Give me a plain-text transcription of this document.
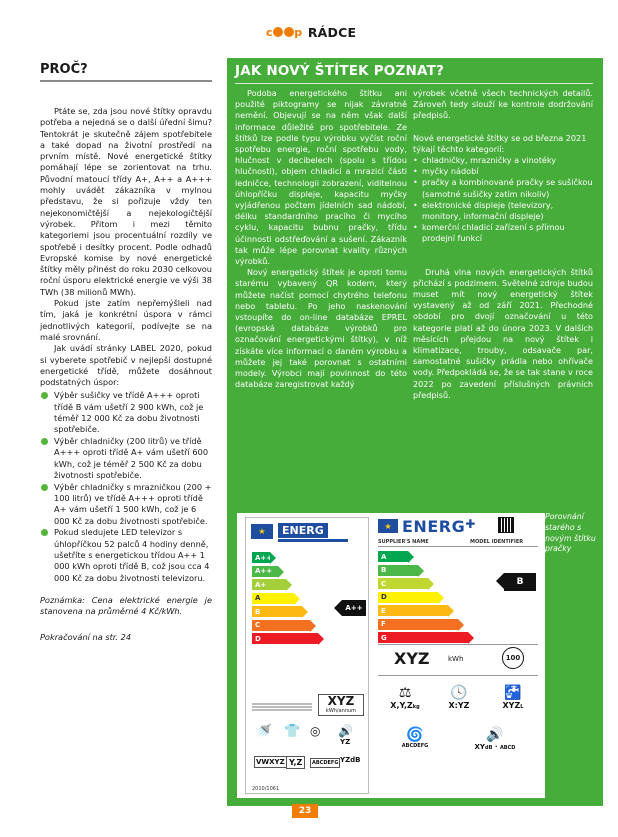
c p RÁDCE
PROČ?

Ptáte se, zda jsou nové štítky opravdu potřeba a nejedná se o další úřední šimu? Tentokrát je skutečně zájem spotřebitele a také dopad na životní prostředí na prvním místě. Nové energetické štítky pomáhají lépe se zorientovat na trhu. Původní matoucí třídy A+, A++ a A+++ mohly uvádět zákazníka v mylnou představu, že si pořizuje vždy ten nejekonomičtější a nejekologičtější výrobek. Přitom i mezi těmito kategoriemi jsou procentuální rozdíly ve spotřebě i desítky procent. Podle odhadů Evropské komise by nové energetické štítky měly přinést do roku 2030 celkovou roční úsporu elektrické energie ve výši 38 TWh (38 milionů MWh).

Pokud jste zatím nepřemýšleli nad tím, jaká je konkrétní úspora v rámci jednotlivých kategorií, podívejte se na malé srovnání.

Jak uvádí stránky LABEL 2020, pokud si vyberete spotřebič v nejlepší dostupné energetické třídě, můžete dosáhnout podstatných úspor:

Výběr sušičky ve třídě A+++ oproti třídě B vám ušetří 2 900 kWh, což je téměř 12 000 Kč za dobu životnosti spotřebiče.
Výběr chladničky (200 litrů) ve třídě A+++ oproti třídě A+ vám ušetří 600 kWh, což je téměř 2 500 Kč za dobu životnosti spotřebiče.
Výběr chladničky s mrazničkou (200 + 100 litrů) ve třídě A+++ oproti třídě A+ vám ušetří 1 500 kWh, což je 6 000 Kč za dobu životnosti spotřebiče.
Pokud sledujete LED televizor s úhlopříčkou 52 palců 4 hodiny denně, ušetříte s energetickou třídou A++ 1 000 kWh oproti třídě B, což jsou cca 4 000 Kč za dobu životnosti televizoru.

Poznámka: Cena elektrické energie je stanovena na průměrné 4 Kč/kWh.

Pokračování na str. 24

JAK NOVÝ ŠTÍTEK POZNAT?

Podoba energetického štítku ani použité piktogramy se nijak závratně nemění. Objevují se na něm však další informace důležité pro spotřebitele. Ze štítků lze podle typu výrobku vyčíst roční spotřebu energie, roční spotřebu vody, hlučnost v decibelech (spolu s třídou hlučnosti), objem chladicí a mrazicí části ledničce, technologii zobrazení, viditelnou úhlopříčku displeje, kapacitu myčky vyjádřenou počtem jídelních sad nádobí, délku standardního pracího či mycího cyklu, kapacitu bubnu pračky, třídu účinnosti odstřeďování a sušení. Zákazník tak může lépe porovnat kvality různých výrobků.

Nový energetický štítek je oproti tomu starému vybavený QR kodem, který můžete načíst pomocí chytrého telefonu nebo tabletu. Po jeho naskenování vstoupíte do on-line databáze EPREL (evropská databáze výrobků pro označování energetickými štítky), v níž získáte více informací o daném výrobku a můžete jej také porovnat s ostatními modely. Výrobci mají povinnost do této databáze zaregistrovat každý

výrobek včetně všech technických detailů. Zároveň tedy slouží ke kontrole dodržování předpisů.

Nové energetické štítky se od března 2021 týkají těchto kategorií:

• chladničky, mrazničky a vinotéky
• myčky nádobí
• pračky a kombinované pračky se sušičkou (samotné sušičky zatím nikoliv)
• elektronické displeje (televizory, monitory, informační displeje)
• komerční chladicí zařízení s přímou prodejní funkcí

Druhá vlna nových energetických štítků přichází s podzimem. Světelné zdroje budou muset mít nový energetický štítek vystavený až od září 2021. Přechodné období pro dvojí označování u této kategorie platí až do února 2023. V dalších měsících přejdou na nový štítek i klimatizace, trouby, odsavače par, samostatné sušičky prádla nebo ohřívače vody. Předpokládá se, že se tak stane v roce 2022 po zavedení příslušných právních předpisů.

★	ENERG
A+++
A++
A+
A
B
C
D
A++
XYZ
kWh/annum
🚿 👕 ◎ 🔊
YZ
VWXYZ Y,Z	ABCDEFG YZdB
2010/1061
★ ENERG✚
SUPPLIER'S NAME	MODEL IDENTIFIER
A
B
C
D
E
F
G
B
XYZ	kWh	100
⚖
X,Y,Zkg
🕓
X:YZ
🚰
XYZL
🌀
ABCDEFG
🔊
XYdB · ABCD
Porovnání starého s novým štítku pračky
23
